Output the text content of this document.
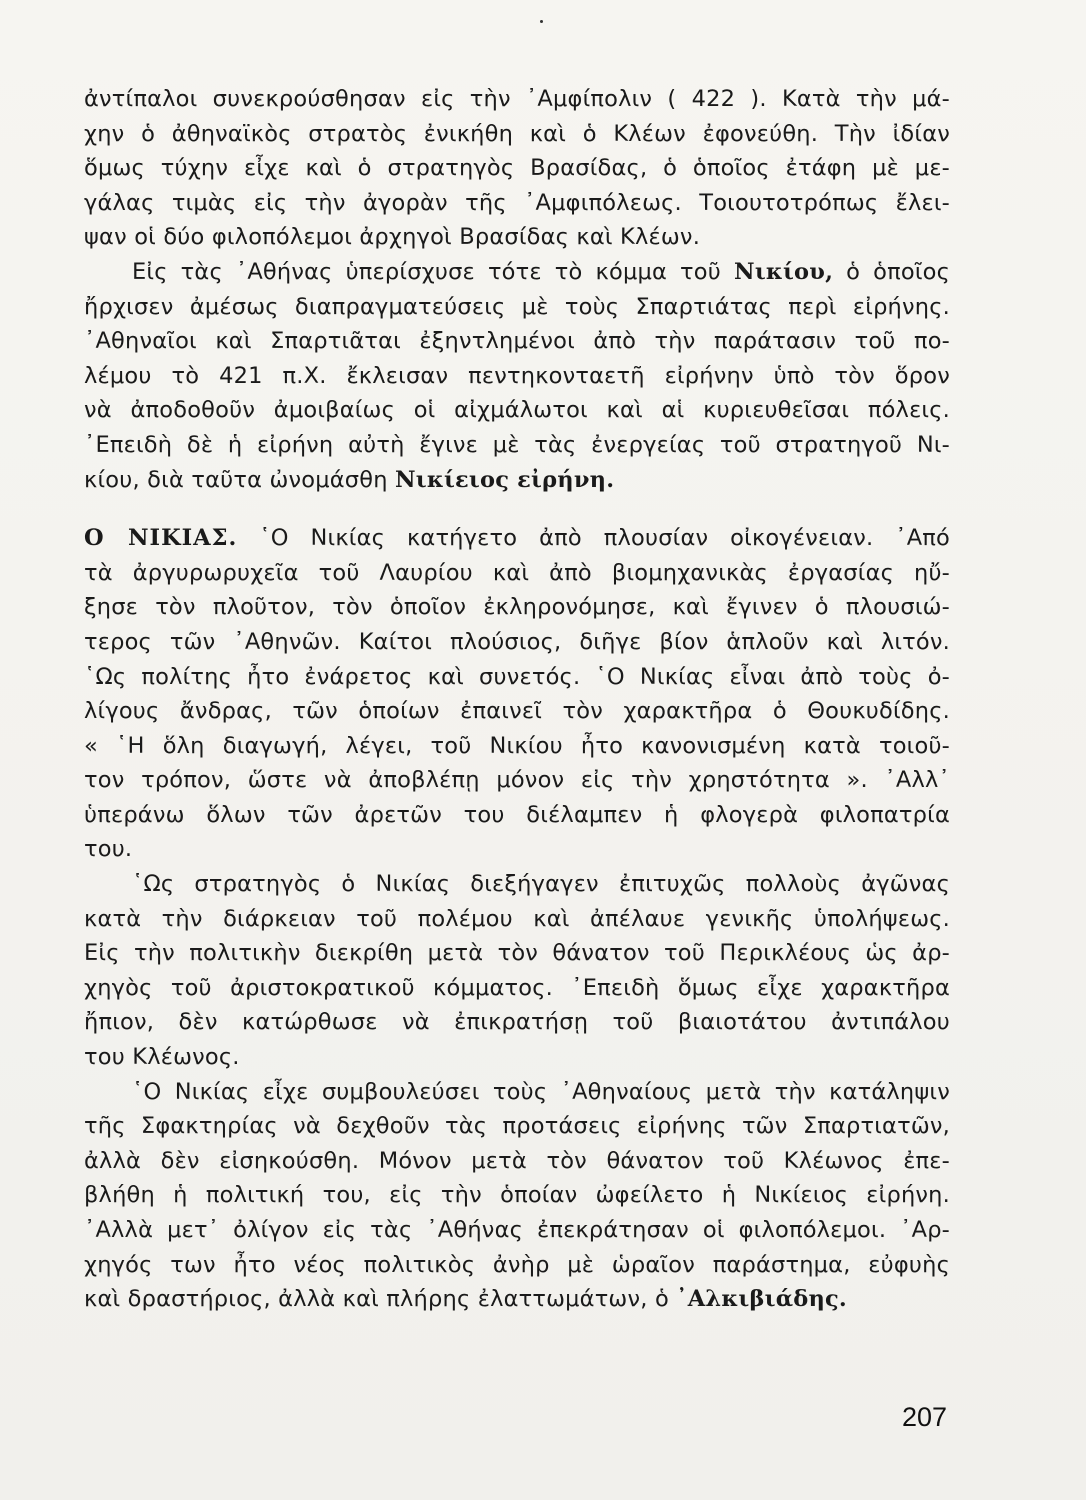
ἀντίπαλοι συνεκρούσθησαν εἰς τὴν ᾿Αμφίπολιν ( 422 ). Κατὰ τὴν μά-
χην ὁ ἀθηναϊκὸς στρατὸς ἐνικήθη καὶ ὁ Κλέων ἐφονεύθη. Τὴν ἰδίαν
ὅμως τύχην εἶχε καὶ ὁ στρατηγὸς Βρασίδας, ὁ ὁποῖος ἐτάφη μὲ με-
γάλας τιμὰς εἰς τὴν ἀγορὰν τῆς ᾿Αμφιπόλεως. Τοιουτοτρόπως ἔλει-
ψαν οἱ δύο φιλοπόλεμοι ἀρχηγοὶ Βρασίδας καὶ Κλέων.
Εἰς τὰς ᾿Αθήνας ὑπερίσχυσε τότε τὸ κόμμα τοῦ Νικίου, ὁ ὁποῖος
ἤρχισεν ἀμέσως διαπραγματεύσεις μὲ τοὺς Σπαρτιάτας περὶ εἰρήνης.
᾿Αθηναῖοι καὶ Σπαρτιᾶται ἐξηντλημένοι ἀπὸ τὴν παράτασιν τοῦ πο-
λέμου τὸ 421 π.Χ. ἔκλεισαν πεντηκονταετῆ εἰρήνην ὑπὸ τὸν ὅρον
νὰ ἀποδοθοῦν ἀμοιβαίως οἱ αἰχμάλωτοι καὶ αἱ κυριευθεῖσαι πόλεις.
᾿Επειδὴ δὲ ἡ εἰρήνη αὐτὴ ἔγινε μὲ τὰς ἐνεργείας τοῦ στρατηγοῦ Νι-
κίου, διὰ ταῦτα ὠνομάσθη Νικίειος εἰρήνη.
Ο ΝΙΚΙΑΣ. ῾Ο Νικίας κατήγετο ἀπὸ πλουσίαν οἰκογένειαν. ᾿Από
τὰ ἀργυρωρυχεῖα τοῦ Λαυρίου καὶ ἀπὸ βιομηχανικὰς ἐργασίας ηὔ-
ξησε τὸν πλοῦτον, τὸν ὁποῖον ἐκληρονόμησε, καὶ ἔγινεν ὁ πλουσιώ-
τερος τῶν ᾿Αθηνῶν. Καίτοι πλούσιος, διῆγε βίον ἁπλοῦν καὶ λιτόν.
῾Ως πολίτης ἦτο ἐνάρετος καὶ συνετός. ῾Ο Νικίας εἶναι ἀπὸ τοὺς ὀ-
λίγους ἄνδρας, τῶν ὁποίων ἐπαινεῖ τὸν χαρακτῆρα ὁ Θουκυδίδης.
« ῾Η ὅλη διαγωγή, λέγει, τοῦ Νικίου ἦτο κανονισμένη κατὰ τοιοῦ-
τον τρόπον, ὥστε νὰ ἀποβλέπῃ μόνον εἰς τὴν χρηστότητα ». ᾿Αλλ᾿
ὑπεράνω ὅλων τῶν ἀρετῶν του διέλαμπεν ἡ φλογερὰ φιλοπατρία
του.
῾Ως στρατηγὸς ὁ Νικίας διεξήγαγεν ἐπιτυχῶς πολλοὺς ἀγῶνας
κατὰ τὴν διάρκειαν τοῦ πολέμου καὶ ἀπέλαυε γενικῆς ὑπολήψεως.
Εἰς τὴν πολιτικὴν διεκρίθη μετὰ τὸν θάνατον τοῦ Περικλέους ὡς ἀρ-
χηγὸς τοῦ ἀριστοκρατικοῦ κόμματος. ᾿Επειδὴ ὅμως εἶχε χαρακτῆρα
ἤπιον, δὲν κατώρθωσε νὰ ἐπικρατήσῃ τοῦ βιαιοτάτου ἀντιπάλου
του Κλέωνος.
῾Ο Νικίας εἶχε συμβουλεύσει τοὺς ᾿Αθηναίους μετὰ τὴν κατάληψιν
τῆς Σφακτηρίας νὰ δεχθοῦν τὰς προτάσεις εἰρήνης τῶν Σπαρτιατῶν,
ἀλλὰ δὲν εἰσηκούσθη. Μόνον μετὰ τὸν θάνατον τοῦ Κλέωνος ἐπε-
βλήθη ἡ πολιτική του, εἰς τὴν ὁποίαν ὠφείλετο ἡ Νικίειος εἰρήνη.
᾿Αλλὰ μετ᾿ ὀλίγον εἰς τὰς ᾿Αθήνας ἐπεκράτησαν οἱ φιλοπόλεμοι. ᾿Αρ-
χηγός των ἦτο νέος πολιτικὸς ἀνὴρ μὲ ὡραῖον παράστημα, εὐφυὴς
καὶ δραστήριος, ἀλλὰ καὶ πλήρης ἐλαττωμάτων, ὁ ᾿Αλκιβιάδης.
207
